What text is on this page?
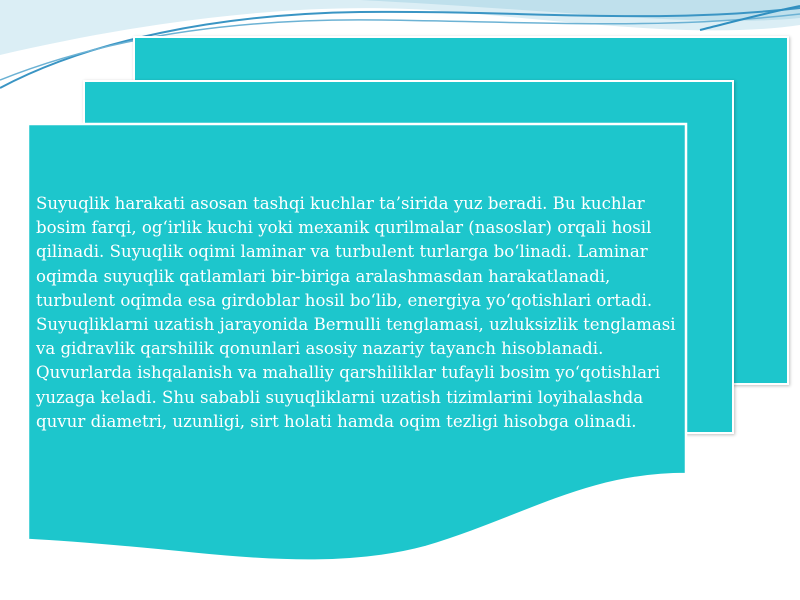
Suyuqlik harakati asosan tashqi kuchlar ta’sirida yuz beradi. Bu kuchlar bosim farqi, og‘irlik kuchi yoki mexanik qurilmalar (nasoslar) orqali hosil qilinadi. Suyuqlik oqimi laminar va turbulent turlarga bo‘linadi. Laminar oqimda suyuqlik qatlamlari bir-biriga aralashmasdan harakatlanadi, turbulent oqimda esa girdoblar hosil bo‘lib, energiya yo‘qotishlari ortadi.

Suyuqliklarni uzatish jarayonida Bernulli tenglamasi, uzluksizlik tenglamasi va gidravlik qarshilik qonunlari asosiy nazariy tayanch hisoblanadi. Quvurlarda ishqalanish va mahalliy qarshiliklar tufayli bosim yo‘qotishlari yuzaga keladi. Shu sababli suyuqliklarni uzatish tizimlarini loyihalashda quvur diametri, uzunligi, sirt holati hamda oqim tezligi hisobga olinadi.
